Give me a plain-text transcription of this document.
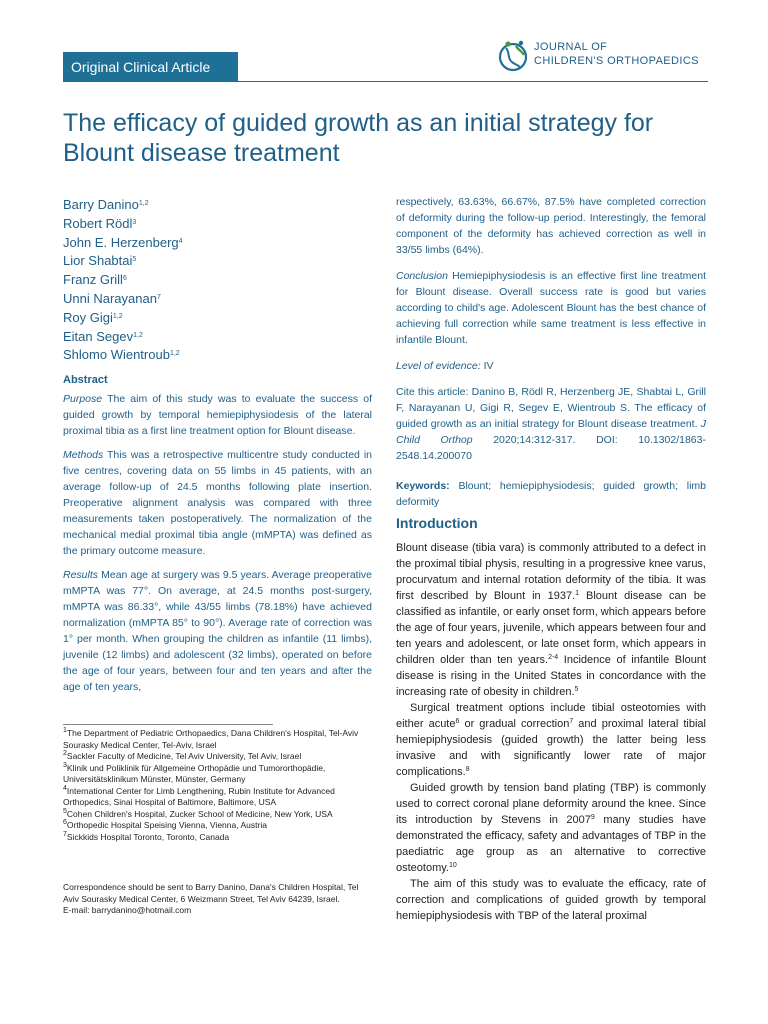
Original Clinical Article
JOURNAL OF
CHILDREN'S ORTHOPAEDICS
The efficacy of guided growth as an initial strategy for Blount disease treatment
Barry Danino$^{1,2}$
Robert Rödl$^3$
John E. Herzenberg$^4$
Lior Shabtai$^5$
Franz Grill$^6$
Unni Narayanan$^7$
Roy Gigi$^{1,2}$
Eitan Segev$^{1,2}$
Shlomo Wientroub$^{1,2}$
Abstract

Purpose The aim of this study was to evaluate the success of guided growth by temporal hemiepiphysiodesis of the lateral proximal tibia as a first line treatment option for Blount disease.

Methods This was a retrospective multicentre study conducted in five centres, covering data on 55 limbs in 45 patients, with an average follow-up of 24.5 months following plate insertion. Preoperative alignment analysis was compared with three measurements taken postoperatively. The normalization of the mechanical medial proximal tibia angle (mMPTA) was defined as the primary outcome measure.

Results Mean age at surgery was 9.5 years. Average preoperative mMPTA was 77°. On average, at 24.5 months post-surgery, mMPTA was 86.33°, while 43/55 limbs (78.18%) have achieved normalization (mMPTA 85° to 90°). Average rate of correction was 1° per month. When grouping the children as infantile (11 limbs), juvenile (12 limbs) and adolescent (32 limbs), operated on before the age of four years, between four and ten years and after the age of ten years,

respectively, 63.63%, 66.67%, 87.5% have completed correction of deformity during the follow-up period. Interestingly, the femoral component of the deformity has achieved correction as well in 33/55 limbs (64%).

Conclusion Hemiepiphysiodesis is an effective first line treatment for Blount disease. Overall success rate is good but varies according to child's age. Adolescent Blount has the best chance of achieving full correction while same treatment is less effective in infantile Blount.

Level of evidence: IV

Cite this article: Danino B, Rödl R, Herzenberg JE, Shabtai L, Grill F, Narayanan U, Gigi R, Segev E, Wientroub S. The efficacy of guided growth as an initial strategy for Blount disease treatment. J Child Orthop 2020;14:312-317. DOI: 10.1302/1863-2548.14.200070

Keywords: Blount; hemiepiphysiodesis; guided growth; limb deformity

Introduction

Blount disease (tibia vara) is commonly attributed to a defect in the proximal tibial physis, resulting in a progressive knee varus, procurvatum and internal rotation deformity of the tibia. It was first described by Blount in 1937.$^1$ Blount disease can be classified as infantile, or early onset form, which appears before the age of four years, juvenile, which appears between four and ten years and adolescent, or late onset form, which appears in children older than ten years.$^{2-4}$ Incidence of infantile Blount disease is rising in the United States in concordance with the increasing rate of obesity in children.$^5$

Surgical treatment options include tibial osteotomies with either acute$^6$ or gradual correction$^7$ and proximal lateral tibial hemiepiphysiodesis (guided growth) the latter being less invasive and with significantly lower rate of major complications.$^8$

Guided growth by tension band plating (TBP) is commonly used to correct coronal plane deformity around the knee. Since its introduction by Stevens in 2007$^9$ many studies have demonstrated the efficacy, safety and advantages of TBP in the paediatric age group as an alternative to corrective osteotomy.$^{10}$

The aim of this study was to evaluate the efficacy, rate of correction and complications of guided growth by temporal hemiepiphysiodesis with TBP of the lateral proximal

$^1$The Department of Pediatric Orthopaedics, Dana Children's Hospital, Tel-Aviv Sourasky Medical Center, Tel-Aviv, Israel
$^2$Sackler Faculty of Medicine, Tel Aviv University, Tel Aviv, Israel
$^3$Klinik und Poliklinik für Allgemeine Orthopädie und Tumororthopädie, Universitätsklinikum Münster, Münster, Germany
$^4$International Center for Limb Lengthening, Rubin Institute for Advanced Orthopedics, Sinai Hospital of Baltimore, Baltimore, USA
$^5$Cohen Children's Hospital, Zucker School of Medicine, New York, USA
$^6$Orthopedic Hospital Speising Vienna, Vienna, Austria
$^7$Sickkids Hospital Toronto, Toronto, Canada
Correspondence should be sent to Barry Danino, Dana's Children Hospital, Tel Aviv Sourasky Medical Center, 6 Weizmann Street, Tel Aviv 64239, Israel.
E-mail: barrydanino@hotmail.com
